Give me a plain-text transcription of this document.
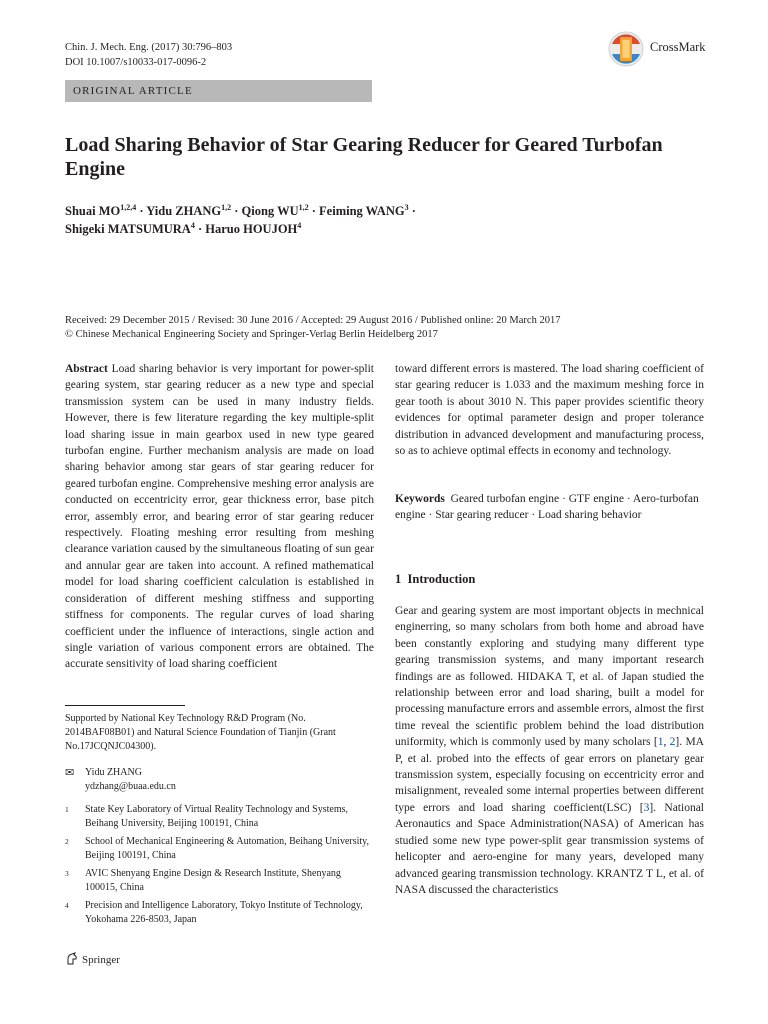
Chin. J. Mech. Eng. (2017) 30:796–803
DOI 10.1007/s10033-017-0096-2
ORIGINAL ARTICLE
CrossMark
Load Sharing Behavior of Star Gearing Reducer for Geared Turbofan Engine
Shuai MO$^{1,2,4}$ · Yidu ZHANG$^{1,2}$ · Qiong WU$^{1,2}$ · Feiming $WANG^3$ ·
Shigeki $MATSUMURA^4$ · Haruo HOUJOH$^4$
Received: 29 December 2015 / Revised: 30 June 2016 / Accepted: 29 August 2016 / Published online: 20 March 2017
© Chinese Mechanical Engineering Society and Springer-Verlag Berlin Heidelberg 2017
Abstract Load sharing behavior is very important for power-split gearing system, star gearing reducer as a new type and special transmission system can be used in many industry fields. However, there is few literature regarding the key multiple-split load sharing issue in main gearbox used in new type geared turbofan engine. Further mechanism analysis are made on load sharing behavior among star gears of star gearing reducer for geared turbofan engine. Comprehensive meshing error analysis are conducted on eccentricity error, gear thickness error, base pitch error, assembly error, and bearing error of star gearing reducer respectively. Floating meshing error resulting from meshing clearance variation caused by the simultaneous floating of sun gear and annular gear are taken into account. A refined mathematical model for load sharing coefficient calculation is established in consideration of different meshing stiffness and supporting stiffness for components. The regular curves of load sharing coefficient under the influence of interactions, single action and single variation of various component errors are obtained. The accurate sensitivity of load sharing coefficient
toward different errors is mastered. The load sharing coefficient of star gearing reducer is 1.033 and the maximum meshing force in gear tooth is about 3010 N. This paper provides scientific theory evidences for optimal parameter design and proper tolerance distribution in advanced development and manufacturing process, so as to achieve optimal effects in economy and technology.
Keywords Geared turbofan engine · GTF engine · Aero-turbofan engine · Star gearing reducer · Load sharing behavior
1 Introduction
Gear and gearing system are most important objects in mechnical enginerring, so many scholars from both home and abroad have been constantly exploring and studying many different type gearing transmission systems, and many important research findings are as followed. HIDAKA T, et al. of Japan studied the relationship between error and load sharing, built a model for processing manufacture errors and assemble errors, almost the first time reveal the scientific problem behind the load distribution uniformity, which is commonly used by many scholars [1, 2]. MA P, et al. probed into the effects of gear errors on planetary gear transmission system, especially focusing on eccentricity error and misalignment, revealed some internal properties between different type errors and load sharing coefficient(LSC) [3]. National Aeronautics and Space Administration(NASA) of American has studied some new type power-split gear transmission systems of helicopter and aero-engine for many years, developed many advanced gearing transmission technology. KRANTZ T L, et al. of NASA discussed the characteristics
Supported by National Key Technology R&D Program (No. 2014BAF08B01) and Natural Science Foundation of Tianjin (Grant No.17JCQNJC04300).
✉ Yidu ZHANG
ydzhang@buaa.edu.cn
1 State Key Laboratory of Virtual Reality Technology and Systems, Beihang University, Beijing 100191, China
2 School of Mechanical Engineering & Automation, Beihang University, Beijing 100191, China
3 AVIC Shenyang Engine Design & Research Institute, Shenyang 100015, China
4 Precision and Intelligence Laboratory, Tokyo Institute of Technology, Yokohama 226-8503, Japan
Springer
